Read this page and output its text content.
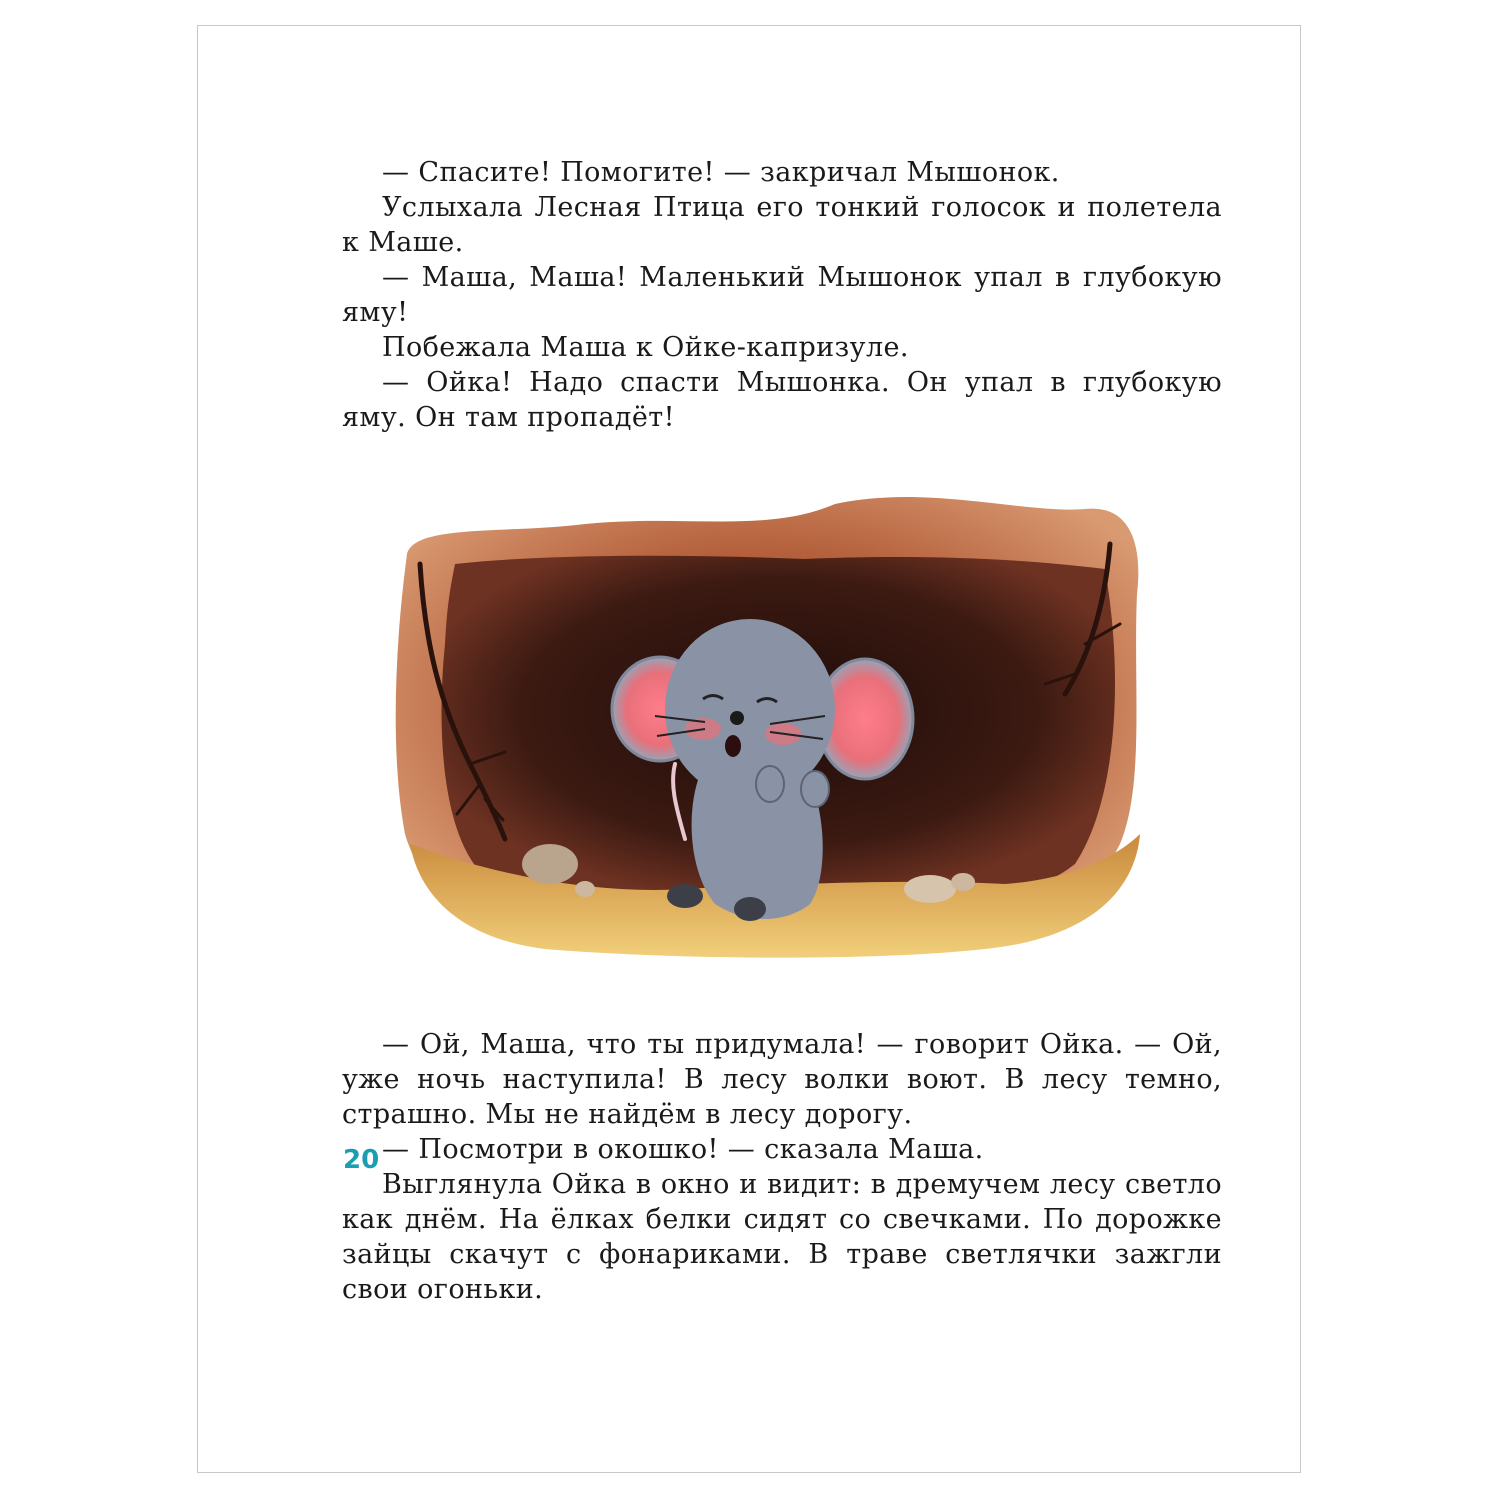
— Спасите! Помогите! — закричал Мышонок.

Услыхала Лесная Птица его тонкий голосок и полетела к Маше.

— Маша, Маша! Маленький Мышонок упал в глубокую яму!

Побежала Маша к Ойке-капризуле.

— Ойка! Надо спасти Мышонка. Он упал в глубокую яму. Он там пропадёт!

— Ой, Маша, что ты придумала! — говорит Ойка. — Ой, уже ночь наступила! В лесу волки воют. В лесу темно, страшно. Мы не найдём в лесу дорогу.

— Посмотри в окошко! — сказала Маша.

Выглянула Ойка в окно и видит: в дремучем лесу светло как днём. На ёлках белки сидят со свечками. По дорожке зайцы скачут с фонариками. В траве светлячки зажгли свои огоньки.

20
